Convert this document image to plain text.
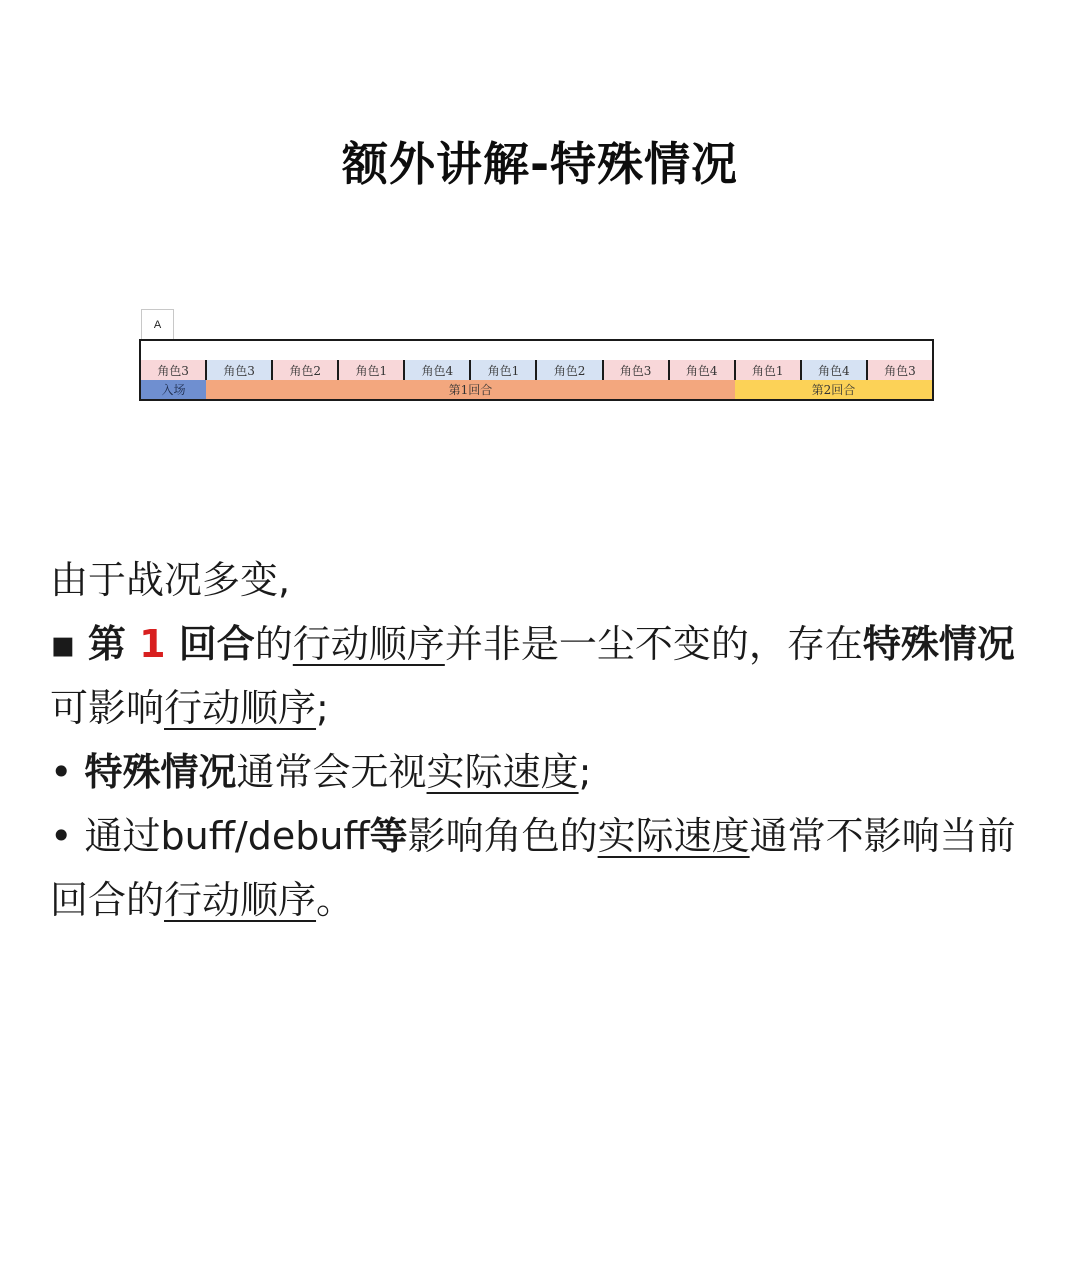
额外讲解-特殊情况
A
角色3	角色3	角色2	角色1	角色4	角色1	角色2	角色3	角色4	角色1	角色4	角色3
入场	第1回合	第2回合

由于战况多变,

▪ 第 1 回合的行动顺序并非是一尘不变的，存在特殊情况可影响行动顺序;

• 特殊情况通常会无视实际速度;

• 通过buff/debuff等影响角色的实际速度通常不影响当前回合的行动顺序。
